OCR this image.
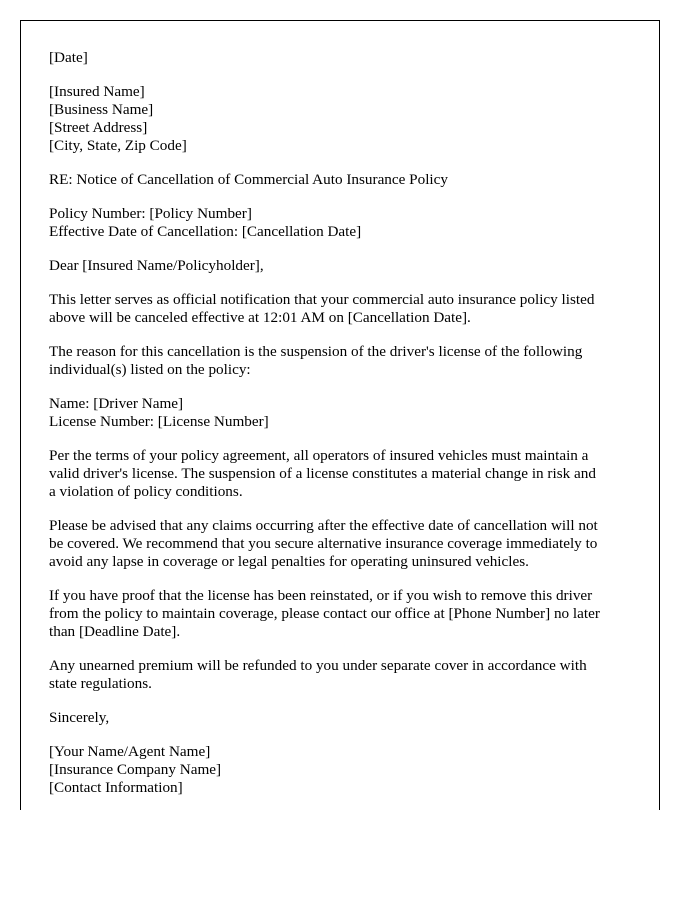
[Date]

[Insured Name]
[Business Name]
[Street Address]
[City, State, Zip Code]

RE: Notice of Cancellation of Commercial Auto Insurance Policy

Policy Number: [Policy Number]
Effective Date of Cancellation: [Cancellation Date]

Dear [Insured Name/Policyholder],

This letter serves as official notification that your commercial auto insurance policy listed
above will be canceled effective at 12:01 AM on [Cancellation Date].

The reason for this cancellation is the suspension of the driver's license of the following
individual(s) listed on the policy:

Name: [Driver Name]
License Number: [License Number]

Per the terms of your policy agreement, all operators of insured vehicles must maintain a
valid driver's license. The suspension of a license constitutes a material change in risk and
a violation of policy conditions.

Please be advised that any claims occurring after the effective date of cancellation will not
be covered. We recommend that you secure alternative insurance coverage immediately to
avoid any lapse in coverage or legal penalties for operating uninsured vehicles.

If you have proof that the license has been reinstated, or if you wish to remove this driver
from the policy to maintain coverage, please contact our office at [Phone Number] no later
than [Deadline Date].

Any unearned premium will be refunded to you under separate cover in accordance with
state regulations.

Sincerely,

[Your Name/Agent Name]
[Insurance Company Name]
[Contact Information]
